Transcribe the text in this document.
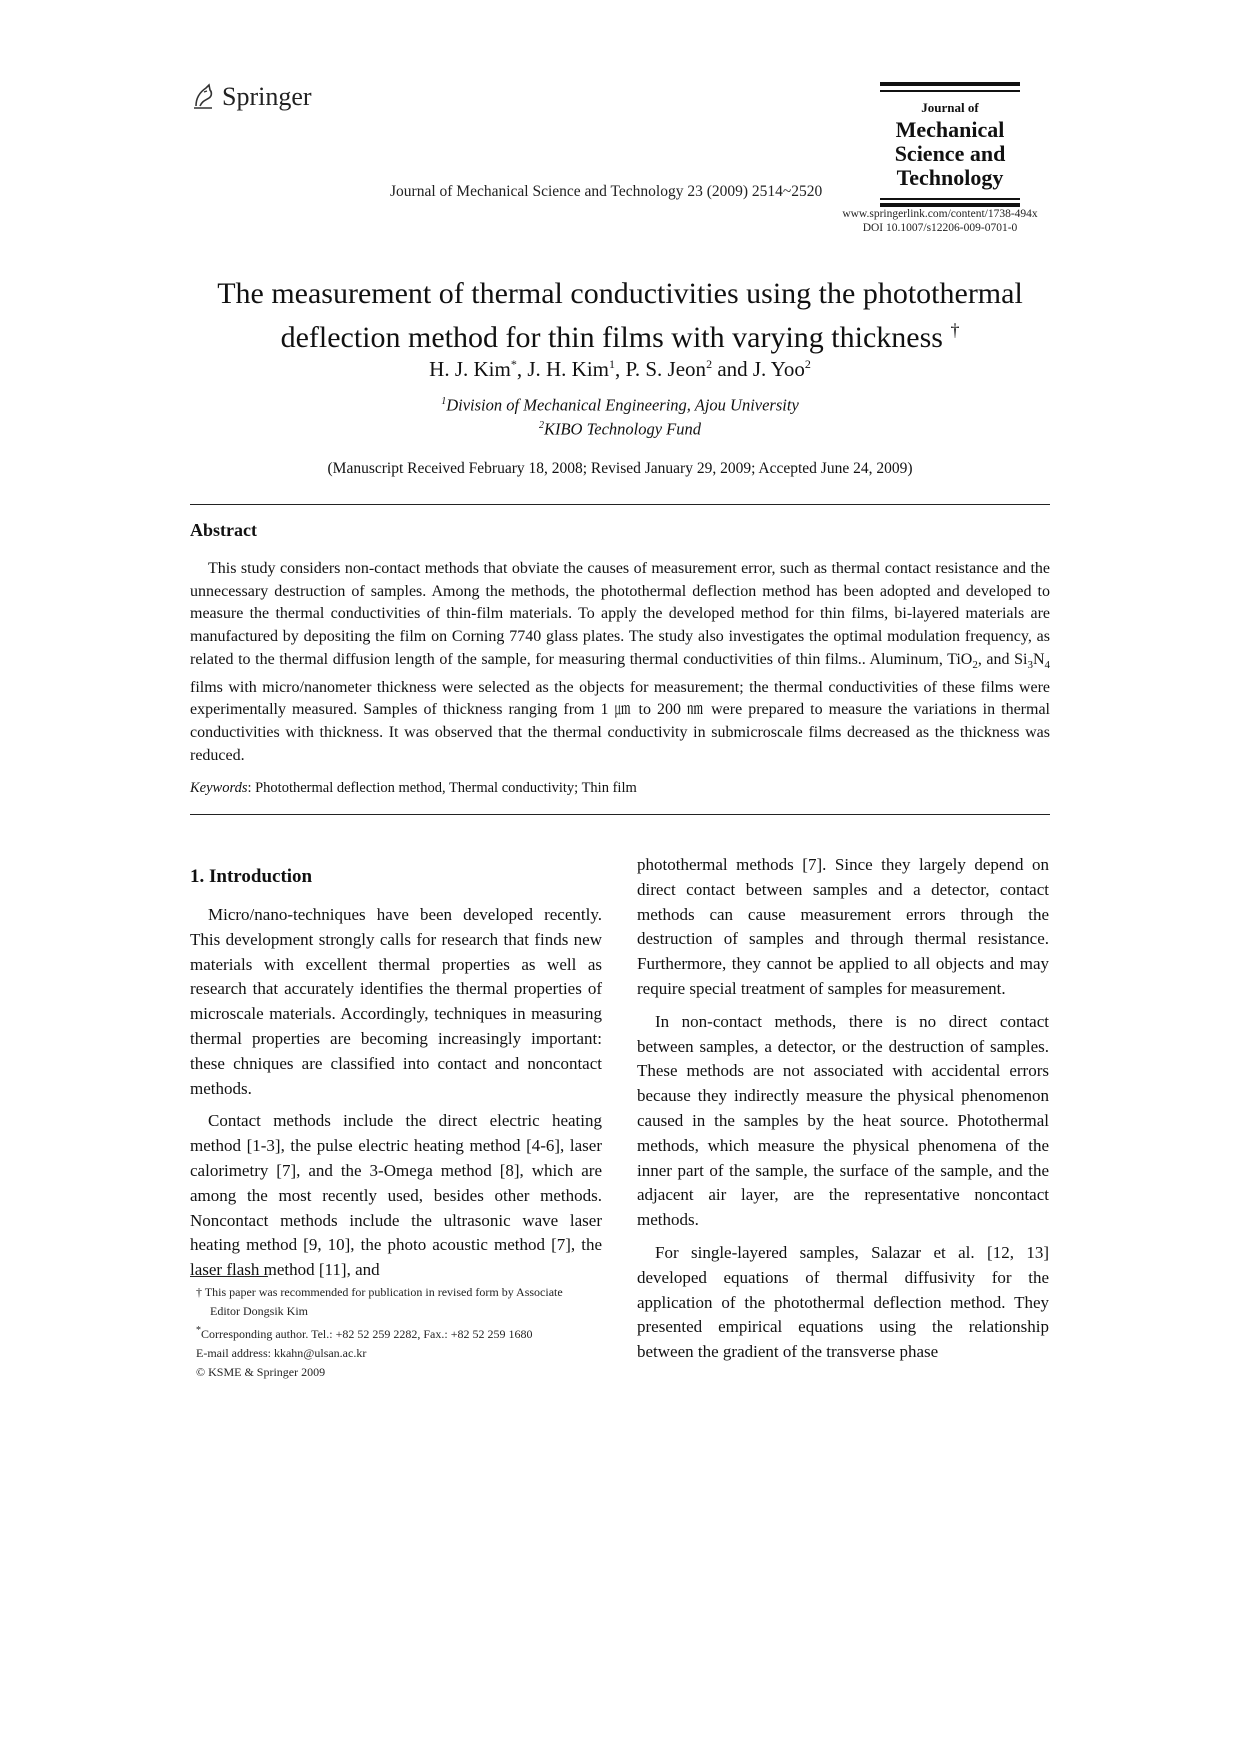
Springer
Journal of Mechanical Science and Technology 23 (2009) 2514~2520
Journal of
Mechanical
Science and
Technology
www.springerlink.com/content/1738-494x
DOI 10.1007/s12206-009-0701-0
The measurement of thermal conductivities using the photothermal
deflection method for thin films with varying thickness †
H. J. Kim*, J. H. Kim$^1$, P. S. Jeon$^2$ and J. Yoo$^2$
$^1$Division of Mechanical Engineering, Ajou University
$^2$KIBO Technology Fund
(Manuscript Received February 18, 2008; Revised January 29, 2009; Accepted June 24, 2009)
Abstract
This study considers non-contact methods that obviate the causes of measurement error, such as thermal contact resistance and the unnecessary destruction of samples. Among the methods, the photothermal deflection method has been adopted and developed to measure the thermal conductivities of thin-film materials. To apply the developed method for thin films, bi-layered materials are manufactured by depositing the film on Corning 7740 glass plates. The study also investigates the optimal modulation frequency, as related to the thermal diffusion length of the sample, for measuring thermal conductivities of thin films.. Aluminum, TiO$_2$, and $Si_3N_4$ films with micro/nanometer thickness were selected as the objects for measurement; the thermal conductivities of these films were experimentally measured. Samples of thickness ranging from 1 ㎛ to 200 ㎚ were prepared to measure the variations in thermal conductivities with thickness. It was observed that the thermal conductivity in submicroscale films decreased as the thickness was reduced.
Keywords: Photothermal deflection method, Thermal conductivity; Thin film
1. Introduction

Micro/nano-techniques have been developed recently. This development strongly calls for research that finds new materials with excellent thermal properties as well as research that accurately identifies the thermal properties of microscale materials. Accordingly, techniques in measuring thermal properties are becoming increasingly important: these chniques are classified into contact and noncontact methods.

Contact methods include the direct electric heating method [1-3], the pulse electric heating method [4-6], laser calorimetry [7], and the 3-Omega method [8], which are among the most recently used, besides other methods. Noncontact methods include the ultrasonic wave laser heating method [9, 10], the photo acoustic method [7], the laser flash method [11], and

photothermal methods [7]. Since they largely depend on direct contact between samples and a detector, contact methods can cause measurement errors through the destruction of samples and through thermal resistance. Furthermore, they cannot be applied to all objects and may require special treatment of samples for measurement.

In non-contact methods, there is no direct contact between samples, a detector, or the destruction of samples. These methods are not associated with accidental errors because they indirectly measure the physical phenomenon caused in the samples by the heat source. Photothermal methods, which measure the physical phenomena of the inner part of the sample, the surface of the sample, and the adjacent air layer, are the representative noncontact methods.

For single-layered samples, Salazar et al. [12, 13] developed equations of thermal diffusivity for the application of the photothermal deflection method. They presented empirical equations using the relationship between the gradient of the transverse phase

† This paper was recommended for publication in revised form by Associate
Editor Dongsik Kim
*Corresponding author. Tel.: +82 52 259 2282, Fax.: +82 52 259 1680
E-mail address: kkahn@ulsan.ac.kr
© KSME & Springer 2009
